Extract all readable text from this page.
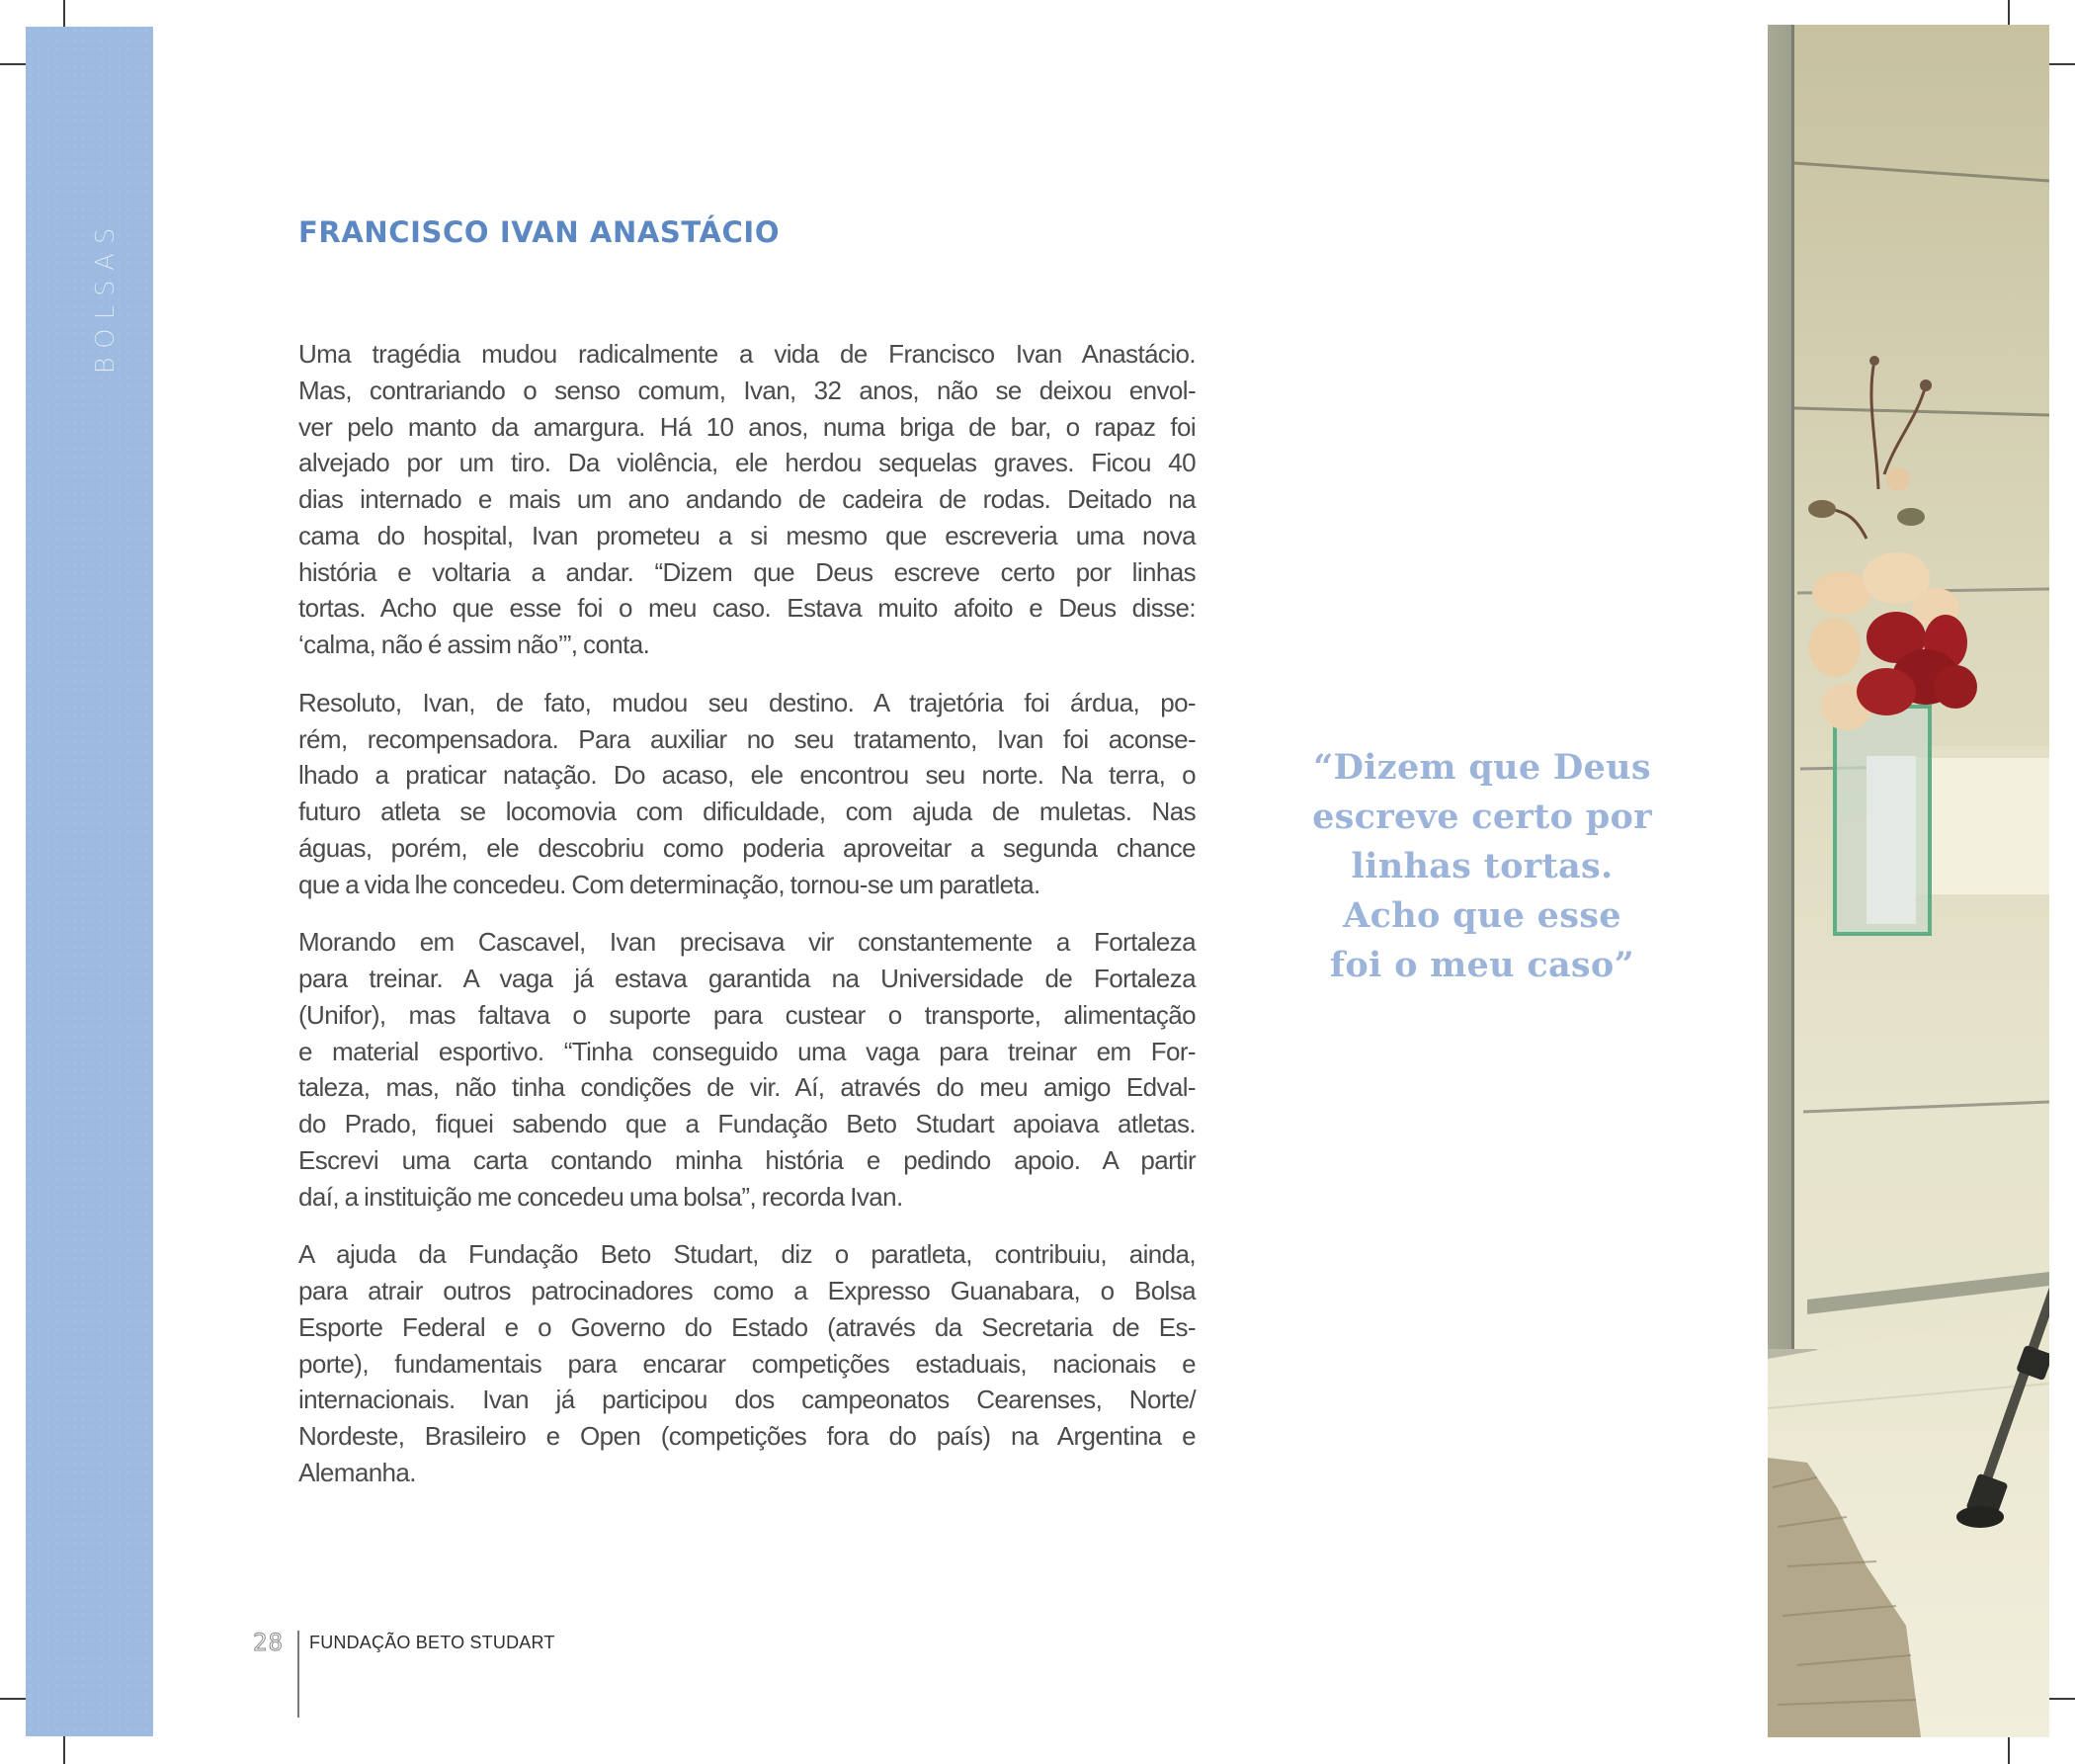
BOLSAS	FRANCISCO IVAN ANASTÁCIO

Uma tragédia mudou radicalmente a vida de Francisco Ivan Anastácio.
Mas, contrariando o senso comum, Ivan, 32 anos, não se deixou envol-
ver pelo manto da amargura. Há 10 anos, numa briga de bar, o rapaz foi
alvejado por um tiro. Da violência, ele herdou sequelas graves. Ficou 40
dias internado e mais um ano andando de cadeira de rodas. Deitado na
cama do hospital, Ivan prometeu a si mesmo que escreveria uma nova
história e voltaria a andar. “Dizem que Deus escreve certo por linhas
tortas. Acho que esse foi o meu caso. Estava muito afoito e Deus disse:
‘calma, não é assim não’”, conta.

Resoluto, Ivan, de fato, mudou seu destino. A trajetória foi árdua, po-
rém, recompensadora. Para auxiliar no seu tratamento, Ivan foi aconse-
lhado a praticar natação. Do acaso, ele encontrou seu norte. Na terra, o
futuro atleta se locomovia com dificuldade, com ajuda de muletas. Nas
águas, porém, ele descobriu como poderia aproveitar a segunda chance
que a vida lhe concedeu. Com determinação, tornou-se um paratleta.

Morando em Cascavel, Ivan precisava vir constantemente a Fortaleza
para treinar. A vaga já estava garantida na Universidade de Fortaleza
(Unifor), mas faltava o suporte para custear o transporte, alimentação
e material esportivo. “Tinha conseguido uma vaga para treinar em For-
taleza, mas, não tinha condições de vir. Aí, através do meu amigo Edval-
do Prado, fiquei sabendo que a Fundação Beto Studart apoiava atletas.
Escrevi uma carta contando minha história e pedindo apoio. A partir
daí, a instituição me concedeu uma bolsa”, recorda Ivan.

A ajuda da Fundação Beto Studart, diz o paratleta, contribuiu, ainda,
para atrair outros patrocinadores como a Expresso Guanabara, o Bolsa
Esporte Federal e o Governo do Estado (através da Secretaria de Es-
porte), fundamentais para encarar competições estaduais, nacionais e
internacionais. Ivan já participou dos campeonatos Cearenses, Norte/
Nordeste, Brasileiro e Open (competições fora do país) na Argentina e
Alemanha.

“Dizem que Deus
escreve certo por
linhas tortas.
Acho que esse
foi o meu caso”
28 FUNDAÇÃO BETO STUDART
